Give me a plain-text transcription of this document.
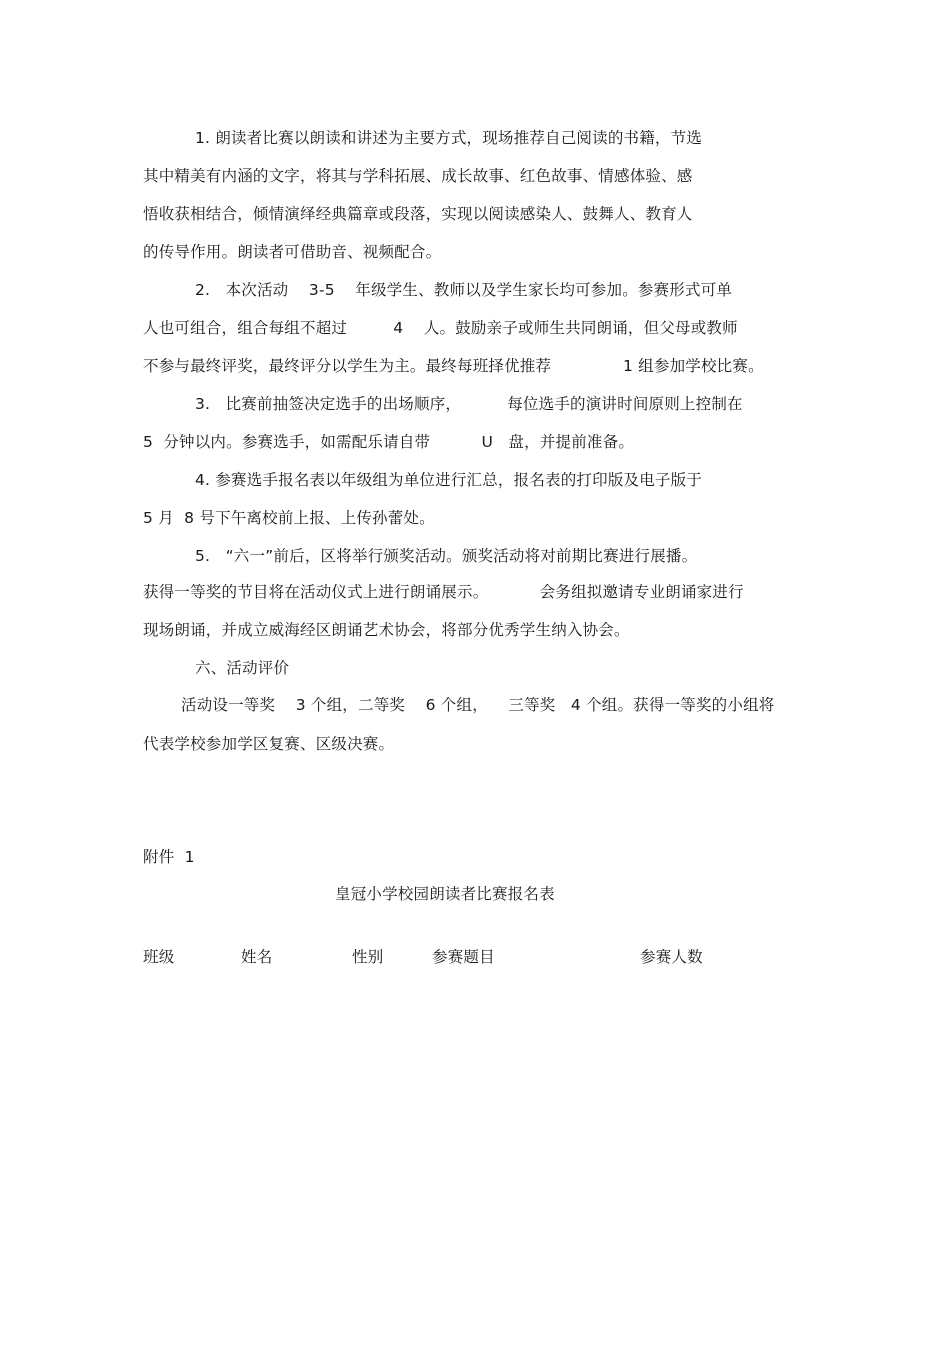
1. 朗读者比赛以朗读和讲述为主要方式，现场推荐自己阅读的书籍，节选
其中精美有内涵的文字，将其与学科拓展、成长故事、红色故事、情感体验、感
悟收获相结合，倾情演绎经典篇章或段落，实现以阅读感染人、鼓舞人、教育人
的传导作用。朗读者可借助音、视频配合。
2.   本次活动    3-5    年级学生、教师以及学生家长均可参加。参赛形式可单
人也可组合，组合每组不超过         4    人。鼓励亲子或师生共同朗诵，但父母或教师
不参与最终评奖，最终评分以学生为主。最终每班择优推荐              1 组参加学校比赛。
3.   比赛前抽签决定选手的出场顺序，         每位选手的演讲时间原则上控制在
5  分钟以内。参赛选手，如需配乐请自带          U   盘，并提前准备。
4. 参赛选手报名表以年级组为单位进行汇总，报名表的打印版及电子版于
5 月  8 号下午离校前上报、上传孙蕾处。
5.   “六一”前后，区将举行颁奖活动。颁奖活动将对前期比赛进行展播。
获得一等奖的节目将在活动仪式上进行朗诵展示。          会务组拟邀请专业朗诵家进行
现场朗诵，并成立威海经区朗诵艺术协会，将部分优秀学生纳入协会。
六、活动评价
活动设一等奖    3 个组，二等奖    6 个组，    三等奖   4 个组。获得一等奖的小组将
代表学校参加学区复赛、区级决赛。
附件  1
皇冠小学校园朗读者比赛报名表
班级	姓名	性别	参赛题目	参赛人数
